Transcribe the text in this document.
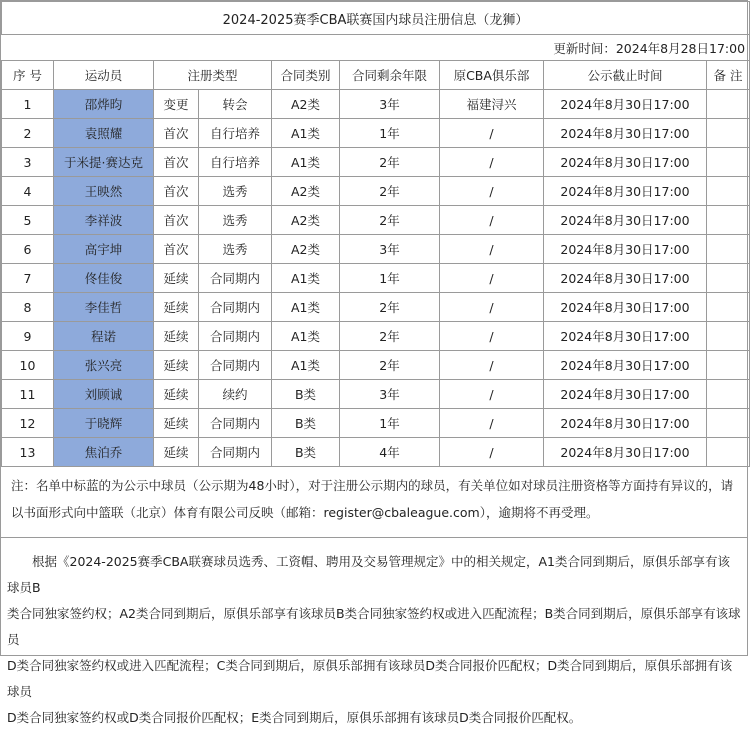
2024-2025赛季CBA联赛国内球员注册信息（龙狮）								
更新时间：2024年8月28日17:00								
序 号	运动员	注册类型		合同类别	合同剩余年限	原CBA俱乐部	公示截止时间	备 注
1	邵烨昀	变更	转会	A2类	3年	福建浔兴	2024年8月30日17:00	
2	袁照耀	首次	自行培养	A1类	1年	/	2024年8月30日17:00	
3	于米提·赛达克	首次	自行培养	A1类	2年	/	2024年8月30日17:00	
4	王映然	首次	选秀	A2类	2年	/	2024年8月30日17:00	
5	李祥波	首次	选秀	A2类	2年	/	2024年8月30日17:00	
6	高宇坤	首次	选秀	A2类	3年	/	2024年8月30日17:00	
7	佟佳俊	延续	合同期内	A1类	1年	/	2024年8月30日17:00	
8	李佳哲	延续	合同期内	A1类	2年	/	2024年8月30日17:00	
9	程诺	延续	合同期内	A1类	2年	/	2024年8月30日17:00	
10	张兴亮	延续	合同期内	A1类	2年	/	2024年8月30日17:00	
11	刘顾诚	延续	续约	B类	3年	/	2024年8月30日17:00	
12	于晓辉	延续	合同期内	B类	1年	/	2024年8月30日17:00	
13	焦泊乔	延续	合同期内	B类	4年	/	2024年8月30日17:00	
注：名单中标蓝的为公示中球员（公示期为48小时），对于注册公示期内的球员，有关单位如对球员注册资格等方面持有异议的，请
以书面形式向中篮联（北京）体育有限公司反映（邮箱：register@cbaleague.com），逾期将不再受理。
　　根据《2024-2025赛季CBA联赛球员选秀、工资帽、聘用及交易管理规定》中的相关规定，A1类合同到期后，原俱乐部享有该球员B
类合同独家签约权；A2类合同到期后，原俱乐部享有该球员B类合同独家签约权或进入匹配流程；B类合同到期后，原俱乐部享有该球员
D类合同独家签约权或进入匹配流程；C类合同到期后，原俱乐部拥有该球员D类合同报价匹配权；D类合同到期后，原俱乐部拥有该球员
D类合同独家签约权或D类合同报价匹配权；E类合同到期后，原俱乐部拥有该球员D类合同报价匹配权。
